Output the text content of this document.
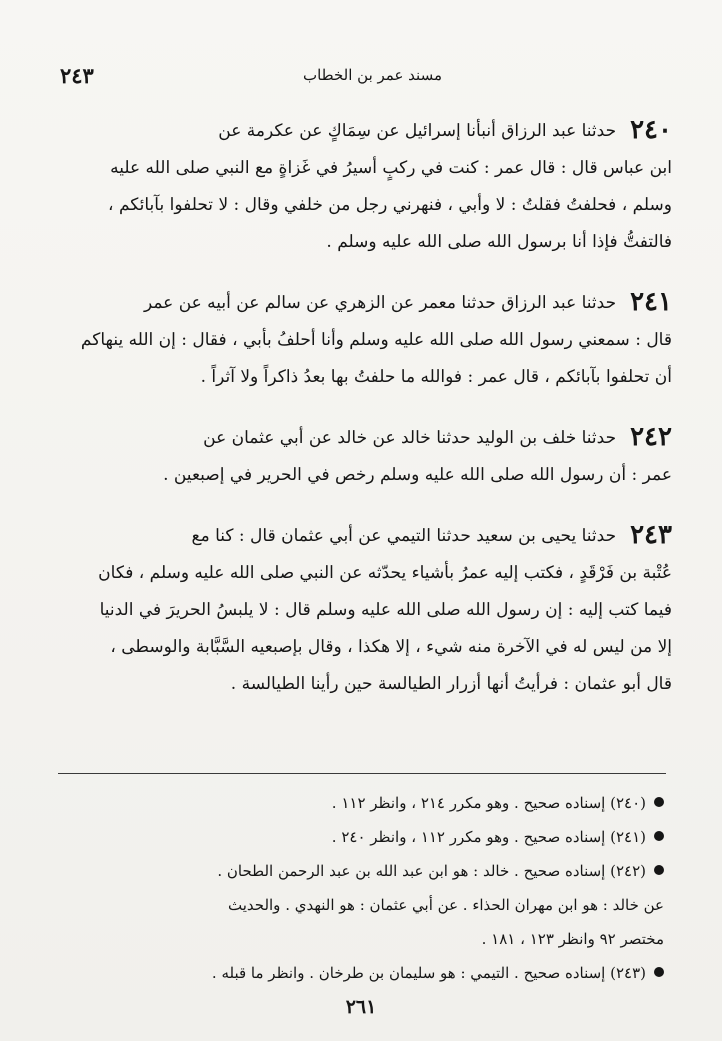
مسند عمر بن الخطاب
٢٤٣
٢٤٠حدثنا عبد الرزاق أنبأنا إسرائيل عن سِمَاكٍ عن عكرمة عن
ابن عباس قال : قال عمر : كنت في ركبٍ أسيرُ في غَزاةٍ مع النبي صلى الله عليه
وسلم ، فحلفتُ فقلتُ : لا وأبي ، فنهرني رجل من خلفي وقال : لا تحلفوا بآبائكم ،
فالتفتُّ فإذا أنا برسول الله صلى الله عليه وسلم .
٢٤١حدثنا عبد الرزاق حدثنا معمر عن الزهري عن سالم عن أبيه عن عمر
قال : سمعني رسول الله صلى الله عليه وسلم وأنا أحلفُ بأبي ، فقال : إن الله ينهاكم
أن تحلفوا بآبائكم ، قال عمر : فوالله ما حلفتُ بها بعدُ ذاكراً ولا آثراً .
٢٤٢حدثنا خلف بن الوليد حدثنا خالد عن خالد عن أبي عثمان عن
عمر : أن رسول الله صلى الله عليه وسلم رخص في الحرير في إصبعين .
٢٤٣حدثنا يحيى بن سعيد حدثنا التيمي عن أبي عثمان قال : كنا مع
عُتْبة بن فَرْقَدٍ ، فكتب إليه عمرُ بأشياء يحدّثه عن النبي صلى الله عليه وسلم ، فكان
فيما كتب إليه : إن رسول الله صلى الله عليه وسلم قال : لا يلبسُ الحريرَ في الدنيا
إلا من ليس له في الآخرة منه شيء ، إلا هكذا ، وقال بإصبعيه السَّبَّابة والوسطى ،
قال أبو عثمان : فرأيتُ أنها أزرار الطيالسة حين رأينا الطيالسة .
(٢٤٠) إسناده صحيح . وهو مكرر ٢١٤ ، وانظر ١١٢ .
(٢٤١) إسناده صحيح . وهو مكرر ١١٢ ، وانظر ٢٤٠ .
(٢٤٢) إسناده صحيح . خالد : هو ابن عبد الله بن عبد الرحمن الطحان .
عن خالد : هو ابن مهران الحذاء . عن أبي عثمان : هو النهدي . والحديث
مختصر ٩٢ وانظر ١٢٣ ، ١٨١ .
(٢٤٣) إسناده صحيح . التيمي : هو سليمان بن طرخان . وانظر ما قبله .
٢٦١
